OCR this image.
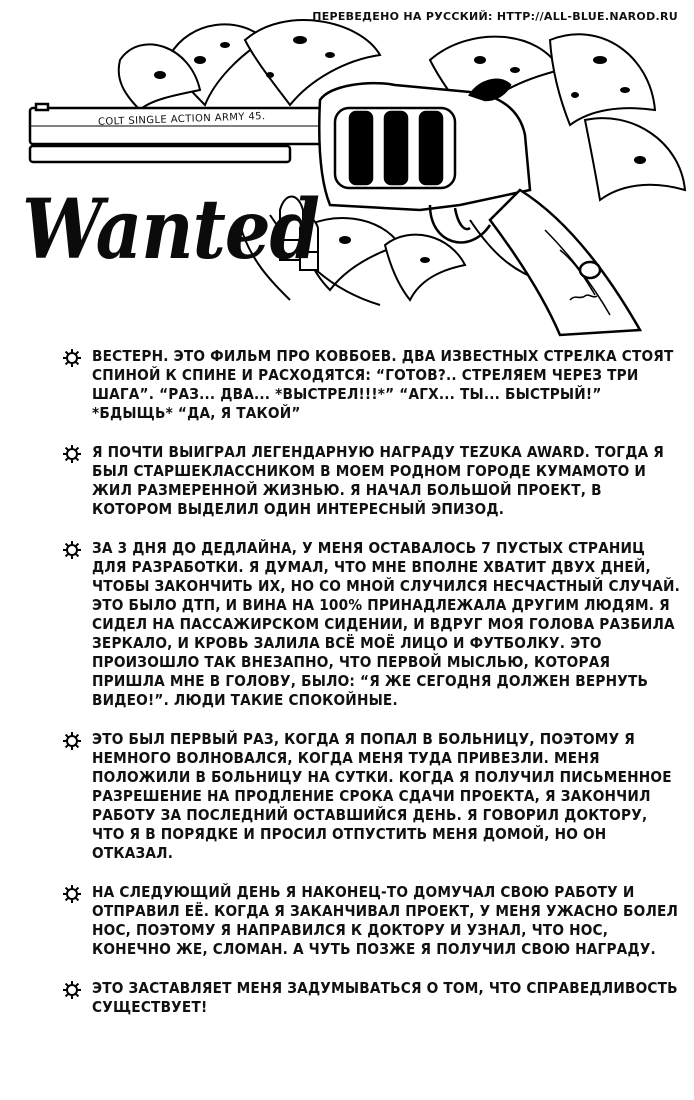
ПЕРЕВЕДЕНО НА РУССКИЙ: HTTP://ALL-BLUE.NAROD.RU
COLT SINGLE ACTION ARMY 45.
Wanted

ВЕСТЕРН. ЭТО ФИЛЬМ ПРО КОВБОЕВ. ДВА ИЗВЕСТНЫХ СТРЕЛКА СТОЯТ СПИНОЙ К СПИНЕ И РАСХОДЯТСЯ: “ГОТОВ?.. СТРЕЛЯЕМ ЧЕРЕЗ ТРИ ШАГА”. “РАЗ... ДВА... *ВЫСТРЕЛ!!!*” “АГХ... ТЫ... БЫСТРЫЙ!” *БДЫЩЬ* “ДА, Я ТАКОЙ”

Я ПОЧТИ ВЫИГРАЛ ЛЕГЕНДАРНУЮ НАГРАДУ TEZUKA AWARD. ТОГДА Я БЫЛ СТАРШЕКЛАССНИКОМ В МОЕМ РОДНОМ ГОРОДЕ КУМАМОТО И ЖИЛ РАЗМЕРЕННОЙ ЖИЗНЬЮ. Я НАЧАЛ БОЛЬШОЙ ПРОЕКТ, В КОТОРОМ ВЫДЕЛИЛ ОДИН ИНТЕРЕСНЫЙ ЭПИЗОД.

ЗА 3 ДНЯ ДО ДЕДЛАЙНА, У МЕНЯ ОСТАВАЛОСЬ 7 ПУСТЫХ СТРАНИЦ ДЛЯ РАЗРАБОТКИ. Я ДУМАЛ, ЧТО МНЕ ВПОЛНЕ ХВАТИТ ДВУХ ДНЕЙ, ЧТОБЫ ЗАКОНЧИТЬ ИХ, НО СО МНОЙ СЛУЧИЛСЯ НЕСЧАСТНЫЙ СЛУЧАЙ. ЭТО БЫЛО ДТП, И ВИНА НА 100% ПРИНАДЛЕЖАЛА ДРУГИМ ЛЮДЯМ. Я СИДЕЛ НА ПАССАЖИРСКОМ СИДЕНИИ, И ВДРУГ МОЯ ГОЛОВА РАЗБИЛА ЗЕРКАЛО, И КРОВЬ ЗАЛИЛА ВСЁ МОЁ ЛИЦО И ФУТБОЛКУ. ЭТО ПРОИЗОШЛО ТАК ВНЕЗАПНО, ЧТО ПЕРВОЙ МЫСЛЬЮ, КОТОРАЯ ПРИШЛА МНЕ В ГОЛОВУ, БЫЛО: “Я ЖЕ СЕГОДНЯ ДОЛЖЕН ВЕРНУТЬ ВИДЕО!”. ЛЮДИ ТАКИЕ СПОКОЙНЫЕ.

ЭТО БЫЛ ПЕРВЫЙ РАЗ, КОГДА Я ПОПАЛ В БОЛЬНИЦУ, ПОЭТОМУ Я НЕМНОГО ВОЛНОВАЛСЯ, КОГДА МЕНЯ ТУДА ПРИВЕЗЛИ. МЕНЯ ПОЛОЖИЛИ В БОЛЬНИЦУ НА СУТКИ. КОГДА Я ПОЛУЧИЛ ПИСЬМЕННОЕ РАЗРЕШЕНИЕ НА ПРОДЛЕНИЕ СРОКА СДАЧИ ПРОЕКТА, Я ЗАКОНЧИЛ РАБОТУ ЗА ПОСЛЕДНИЙ ОСТАВШИЙСЯ ДЕНЬ. Я ГОВОРИЛ ДОКТОРУ, ЧТО Я В ПОРЯДКЕ И ПРОСИЛ ОТПУСТИТЬ МЕНЯ ДОМОЙ, НО ОН ОТКАЗАЛ.

НА СЛЕДУЮЩИЙ ДЕНЬ Я НАКОНЕЦ-ТО ДОМУЧАЛ СВОЮ РАБОТУ И ОТПРАВИЛ ЕЁ. КОГДА Я ЗАКАНЧИВАЛ ПРОЕКТ, У МЕНЯ УЖАСНО БОЛЕЛ НОС, ПОЭТОМУ Я НАПРАВИЛСЯ К ДОКТОРУ И УЗНАЛ, ЧТО НОС, КОНЕЧНО ЖЕ, СЛОМАН. А ЧУТЬ ПОЗЖЕ Я ПОЛУЧИЛ СВОЮ НАГРАДУ.

ЭТО ЗАСТАВЛЯЕТ МЕНЯ ЗАДУМЫВАТЬСЯ О ТОМ, ЧТО СПРАВЕДЛИВОСТЬ СУЩЕСТВУЕТ!
